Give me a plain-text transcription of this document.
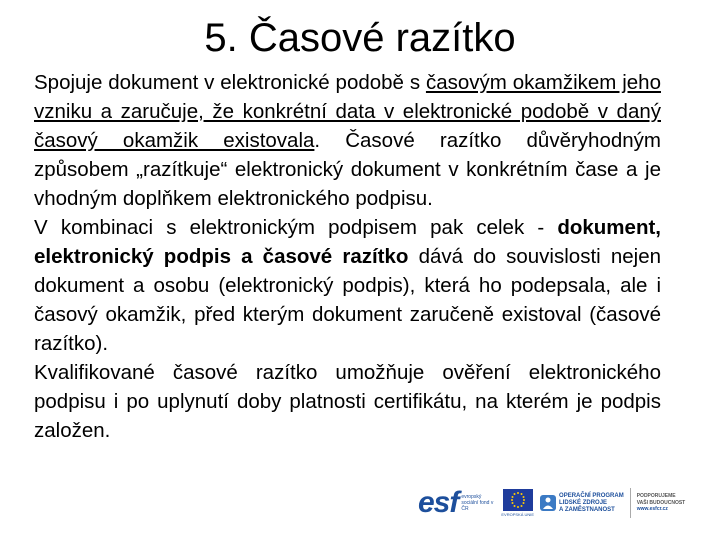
5. Časové razítko

Spojuje dokument v elektronické podobě s časovým okamžikem jeho vzniku a zaručuje, že konkrétní data v elektronické podobě v daný časový okamžik existovala. Časové razítko důvěryhodným způsobem „razítkuje“ elektronický dokument v konkrétním čase a je vhodným doplňkem elektronického podpisu.

V kombinaci s elektronickým podpisem pak celek - dokument, elektronický podpis a časové razítko dává do souvislosti nejen dokument a osobu (elektronický podpis), která ho podepsala, ale i časový okamžik, před kterým dokument zaručeně existoval (časové razítko).

Kvalifikované časové razítko umožňuje ověření elektronického podpisu i po uplynutí doby platnosti certifikátu, na kterém je podpis založen.

esf evropský sociální fond v ČR
EVROPSKÁ UNIE
OPERAČNÍ PROGRAM
LIDSKÉ ZDROJE
A ZAMĚSTNANOST
PODPORUJEME
VAŠI BUDOUCNOST
www.esfcr.cz
